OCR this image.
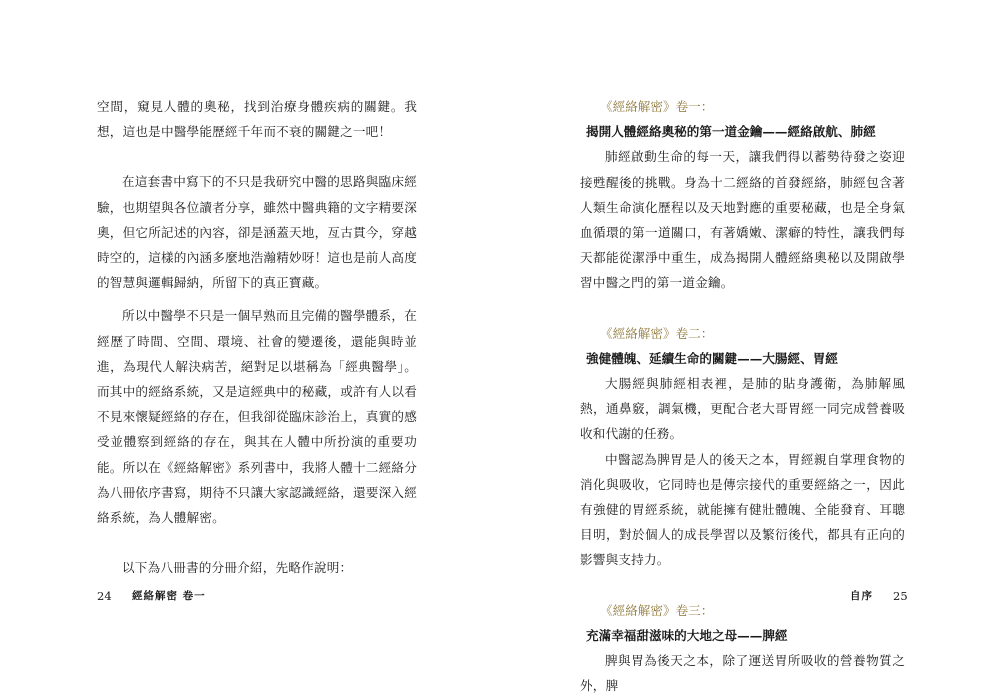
空間，窺見人體的奧秘，找到治療身體疾病的關鍵。我想，這也是中醫學能歷經千年而不衰的關鍵之一吧！

在這套書中寫下的不只是我研究中醫的思路與臨床經驗，也期望與各位讀者分享，雖然中醫典籍的文字精要深奧，但它所記述的內容，卻是涵蓋天地，亙古貫今，穿越時空的，這樣的內涵多麼地浩瀚精妙呀！這也是前人高度的智慧與邏輯歸納，所留下的真正寶藏。

所以中醫學不只是一個早熟而且完備的醫學體系，在經歷了時間、空間、環境、社會的變遷後，還能與時並進，為現代人解決病苦，絕對足以堪稱為「經典醫學」。而其中的經絡系統，又是這經典中的秘藏，或許有人以看不見來懷疑經絡的存在，但我卻從臨床診治上，真實的感受並體察到經絡的存在，與其在人體中所扮演的重要功能。所以在《經絡解密》系列書中，我將人體十二經絡分為八冊依序書寫，期待不只讓大家認識經絡，還要深入經絡系統，為人體解密。

以下為八冊書的分冊介紹，先略作說明：

24 經絡解密 卷一
《經絡解密》卷一：
揭開人體經絡奧秘的第一道金鑰——經絡啟航、肺經

肺經啟動生命的每一天，讓我們得以蓄勢待發之姿迎接甦醒後的挑戰。身為十二經絡的首發經絡，肺經包含著人類生命演化歷程以及天地對應的重要秘藏，也是全身氣血循環的第一道關口，有著嬌嫩、潔癖的特性，讓我們每天都能從潔淨中重生，成為揭開人體經絡奧秘以及開啟學習中醫之門的第一道金鑰。

《經絡解密》卷二：
強健體魄、延續生命的關鍵——大腸經、胃經

大腸經與肺經相表裡，是肺的貼身護衛，為肺解風熱，通鼻竅，調氣機，更配合老大哥胃經一同完成營養吸收和代謝的任務。

中醫認為脾胃是人的後天之本，胃經親自掌理食物的消化與吸收，它同時也是傳宗接代的重要經絡之一，因此有強健的胃經系統，就能擁有健壯體魄、全能發育、耳聰目明，對於個人的成長學習以及繁衍後代，都具有正向的影響與支持力。

《經絡解密》卷三：
充滿幸福甜滋味的大地之母——脾經

脾與胃為後天之本，除了運送胃所吸收的營養物質之外，脾

自序 25
